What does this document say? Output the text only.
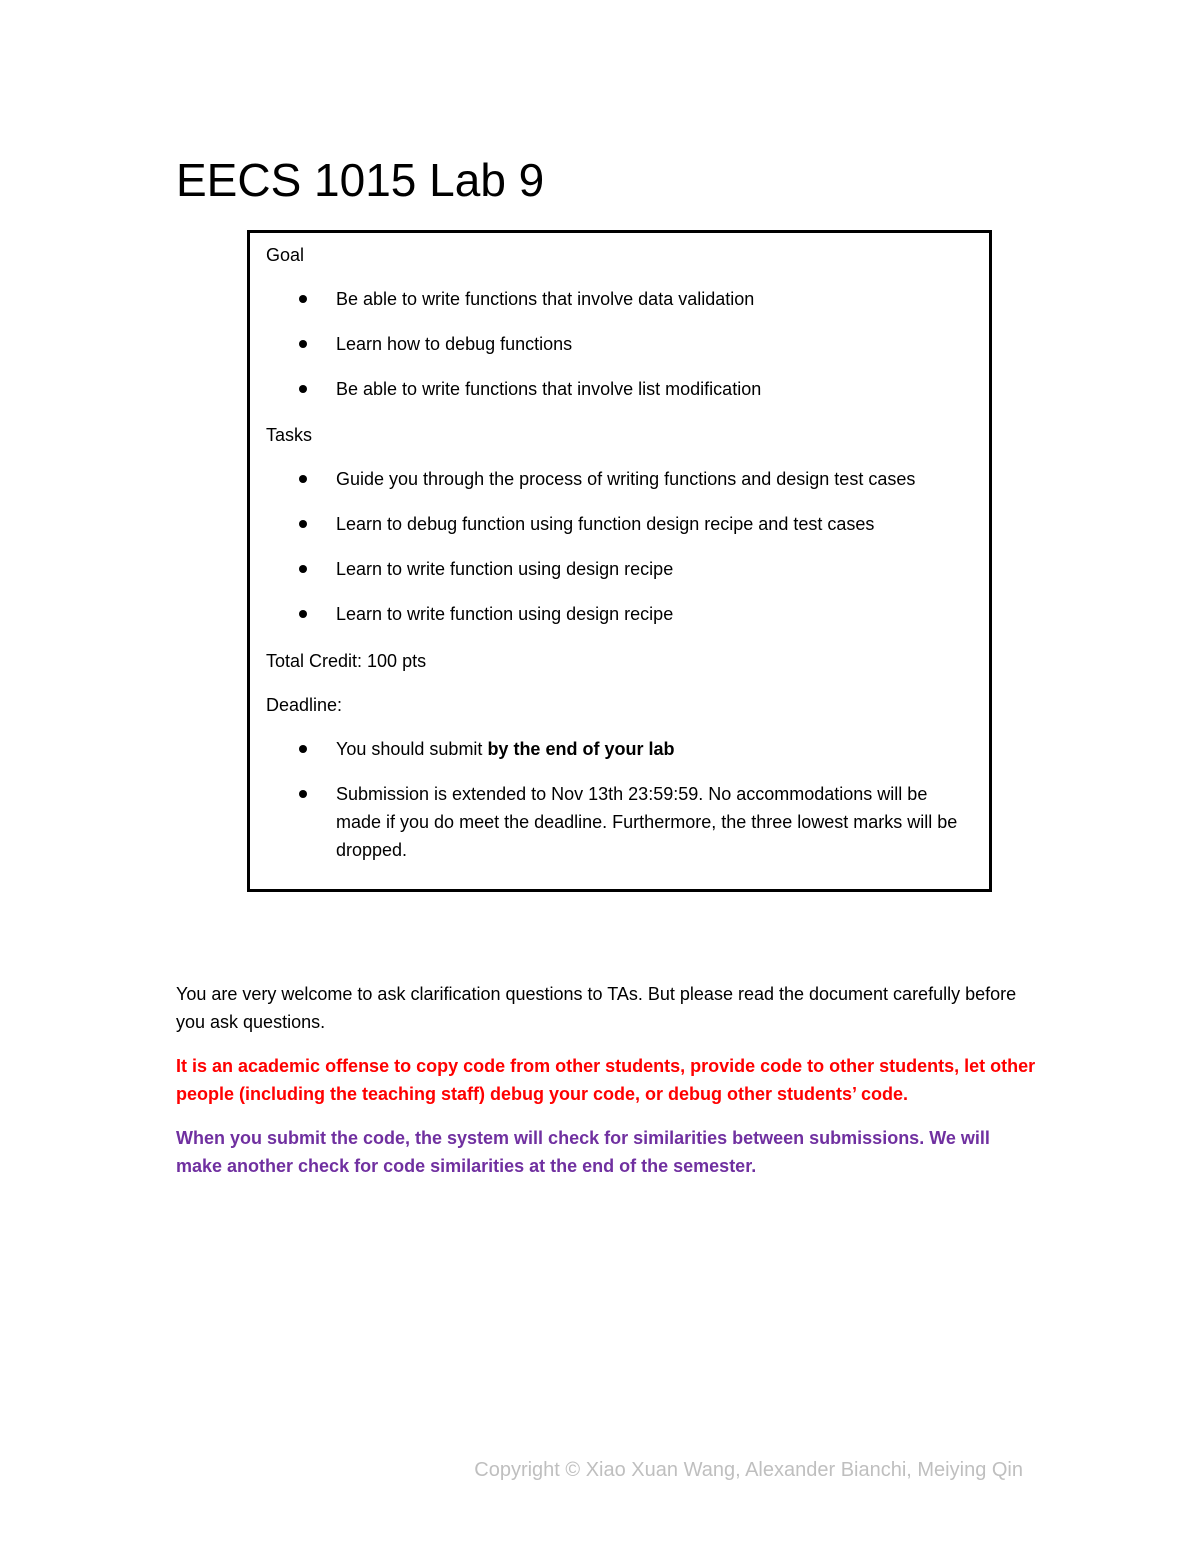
EECS 1015 Lab 9
Goal
Be able to write functions that involve data validation
Learn how to debug functions
Be able to write functions that involve list modification
Tasks
Guide you through the process of writing functions and design test cases
Learn to debug function using function design recipe and test cases
Learn to write function using design recipe
Learn to write function using design recipe
Total Credit: 100 pts
Deadline:
You should submit by the end of your lab
Submission is extended to Nov 13th 23:59:59. No accommodations will be made if you do meet the deadline. Furthermore, the three lowest marks will be dropped.

You are very welcome to ask clarification questions to TAs. But please read the document carefully before you ask questions.

It is an academic offense to copy code from other students, provide code to other students, let other people (including the teaching staff) debug your code, or debug other students’ code.

When you submit the code, the system will check for similarities between submissions. We will make another check for code similarities at the end of the semester.

Copyright © Xiao Xuan Wang, Alexander Bianchi, Meiying Qin
